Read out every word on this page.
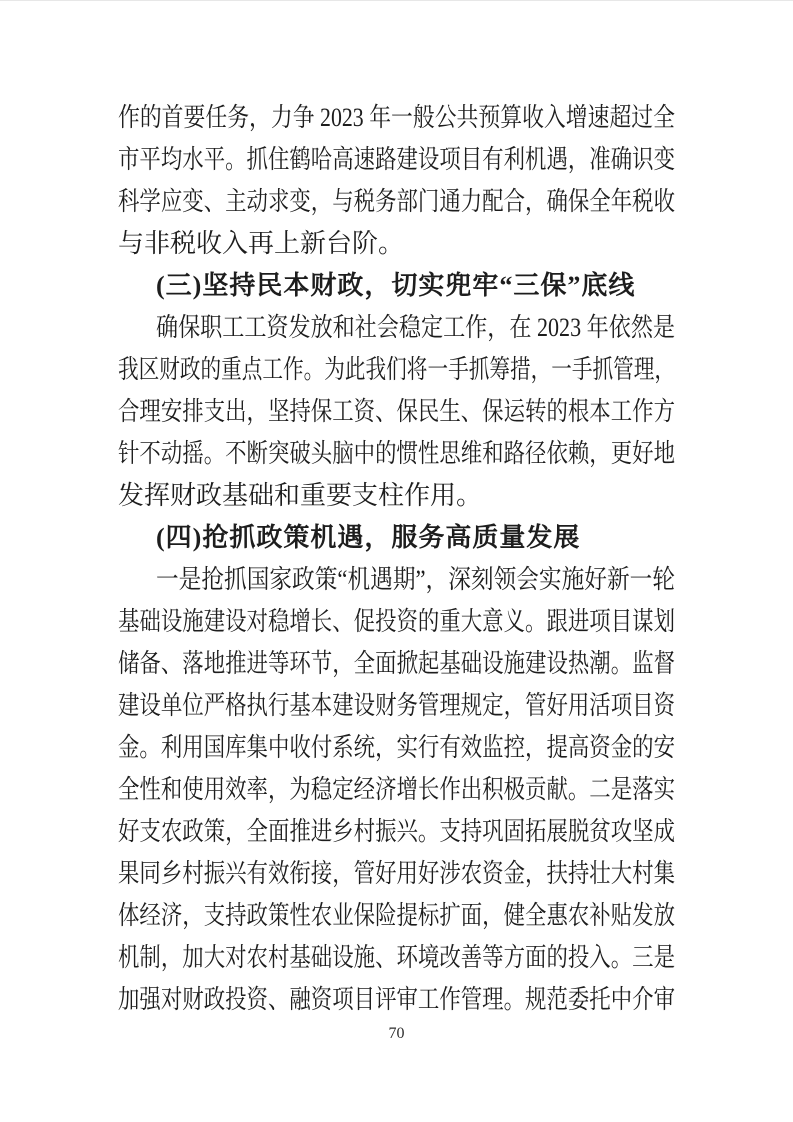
作的首要任务，力争 2023 年一般公共预算收入增速超过全
市平均水平。抓住鹤哈高速路建设项目有利机遇，准确识变
科学应变、主动求变，与税务部门通力配合，确保全年税收
与非税收入再上新台阶。
(三)坚持民本财政，切实兜牢“三保”底线
确保职工工资发放和社会稳定工作，在 2023 年依然是
我区财政的重点工作。为此我们将一手抓筹措，一手抓管理，
合理安排支出，坚持保工资、保民生、保运转的根本工作方
针不动摇。不断突破头脑中的惯性思维和路径依赖，更好地
发挥财政基础和重要支柱作用。
(四)抢抓政策机遇，服务高质量发展
一是抢抓国家政策“机遇期”，深刻领会实施好新一轮
基础设施建设对稳增长、促投资的重大意义。跟进项目谋划
储备、落地推进等环节，全面掀起基础设施建设热潮。监督
建设单位严格执行基本建设财务管理规定，管好用活项目资
金。利用国库集中收付系统，实行有效监控，提高资金的安
全性和使用效率，为稳定经济增长作出积极贡献。二是落实
好支农政策，全面推进乡村振兴。支持巩固拓展脱贫攻坚成
果同乡村振兴有效衔接，管好用好涉农资金，扶持壮大村集
体经济，支持政策性农业保险提标扩面，健全惠农补贴发放
机制，加大对农村基础设施、环境改善等方面的投入。三是
加强对财政投资、融资项目评审工作管理。规范委托中介审
70
